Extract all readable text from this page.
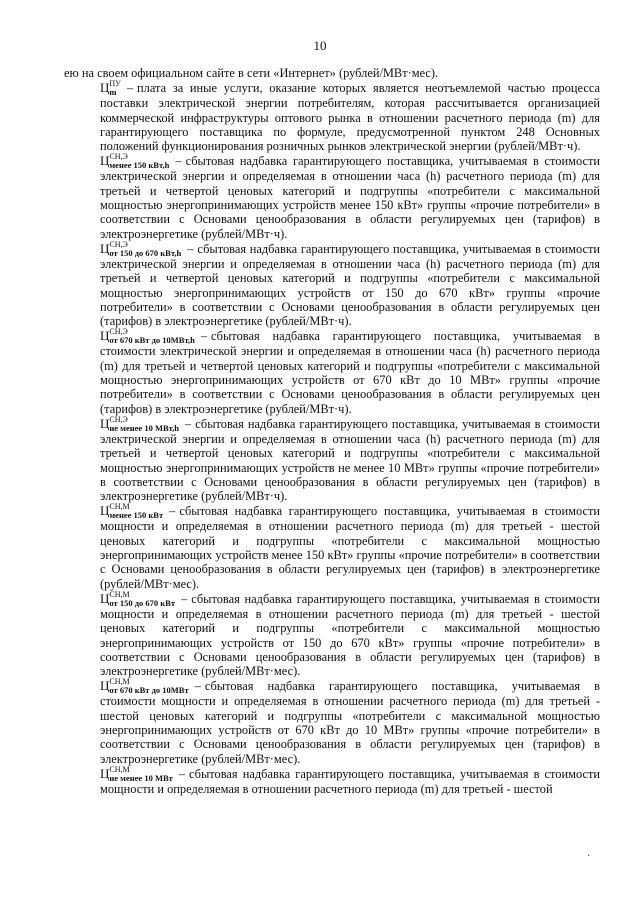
10

ею на своем официальном сайте в сети «Интернет» (рублей/МВт·мес).

Ц ПУ
m – плата за иные услуги, оказание которых является неотъемлемой частью процесса поставки электрической энергии потребителям, которая рассчитывается организацией коммерческой инфраструктуры оптового рынка в отношении расчетного периода (m) для гарантирующего поставщика по формуле, предусмотренной пунктом 248 Основных положений функционирования розничных рынков электрической энергии (рублей/МВт·ч).

Ц СН,Э
менее 150 кВт,h – сбытовая надбавка гарантирующего поставщика, учитываемая в стоимости электрической энергии и определяемая в отношении часа (h) расчетного периода (m) для третьей и четвертой ценовых категорий и подгруппы «потребители с максимальной мощностью энергопринимающих устройств менее 150 кВт» группы «прочие потребители» в соответствии с Основами ценообразования в области регулируемых цен (тарифов) в электроэнергетике (рублей/МВт·ч).

Ц СН,Э
от 150 до 670 кВт,h – сбытовая надбавка гарантирующего поставщика, учитываемая в стоимости электрической энергии и определяемая в отношении часа (h) расчетного периода (m) для третьей и четвертой ценовых категорий и подгруппы «потребители с максимальной мощностью энергопринимающих устройств от 150 до 670 кВт» группы «прочие потребители» в соответствии с Основами ценообразования в области регулируемых цен (тарифов) в электроэнергетике (рублей/МВт·ч).

Ц СН,Э
от 670 кВт до 10МВт,h – сбытовая надбавка гарантирующего поставщика, учитываемая в стоимости электрической энергии и определяемая в отношении часа (h) расчетного периода (m) для третьей и четвертой ценовых категорий и подгруппы «потребители с максимальной мощностью энергопринимающих устройств от 670 кВт до 10 МВт» группы «прочие потребители» в соответствии с Основами ценообразования в области регулируемых цен (тарифов) в электроэнергетике (рублей/МВт·ч).

Ц СН,Э
не менее 10 МВт,h – сбытовая надбавка гарантирующего поставщика, учитываемая в стоимости электрической энергии и определяемая в отношении часа (h) расчетного периода (m) для третьей и четвертой ценовых категорий и подгруппы «потребители с максимальной мощностью энергопринимающих устройств не менее 10 МВт» группы «прочие потребители» в соответствии с Основами ценообразования в области регулируемых цен (тарифов) в электроэнергетике (рублей/МВт·ч).

Ц СН,М
менее 150 кВт – сбытовая надбавка гарантирующего поставщика, учитываемая в стоимости мощности и определяемая в отношении расчетного периода (m) для третьей - шестой ценовых категорий и подгруппы «потребители с максимальной мощностью энергопринимающих устройств менее 150 кВт» группы «прочие потребители» в соответствии с Основами ценообразования в области регулируемых цен (тарифов) в электроэнергетике (рублей/МВт·мес).

Ц СН,М
от 150 до 670 кВт – сбытовая надбавка гарантирующего поставщика, учитываемая в стоимости мощности и определяемая в отношении расчетного периода (m) для третьей - шестой ценовых категорий и подгруппы «потребители с максимальной мощностью энергопринимающих устройств от 150 до 670 кВт» группы «прочие потребители» в соответствии с Основами ценообразования в области регулируемых цен (тарифов) в электроэнергетике (рублей/МВт·мес).

Ц СН,М
от 670 кВт до 10МВт – сбытовая надбавка гарантирующего поставщика, учитываемая в стоимости мощности и определяемая в отношении расчетного периода (m) для третьей - шестой ценовых категорий и подгруппы «потребители с максимальной мощностью энергопринимающих устройств от 670 кВт до 10 МВт» группы «прочие потребители» в соответствии с Основами ценообразования в области регулируемых цен (тарифов) в электроэнергетике (рублей/МВт·мес).

Ц СН,М
не менее 10 МВт – сбытовая надбавка гарантирующего поставщика, учитываемая в стоимости мощности и определяемая в отношении расчетного периода (m) для третьей - шестой

·
